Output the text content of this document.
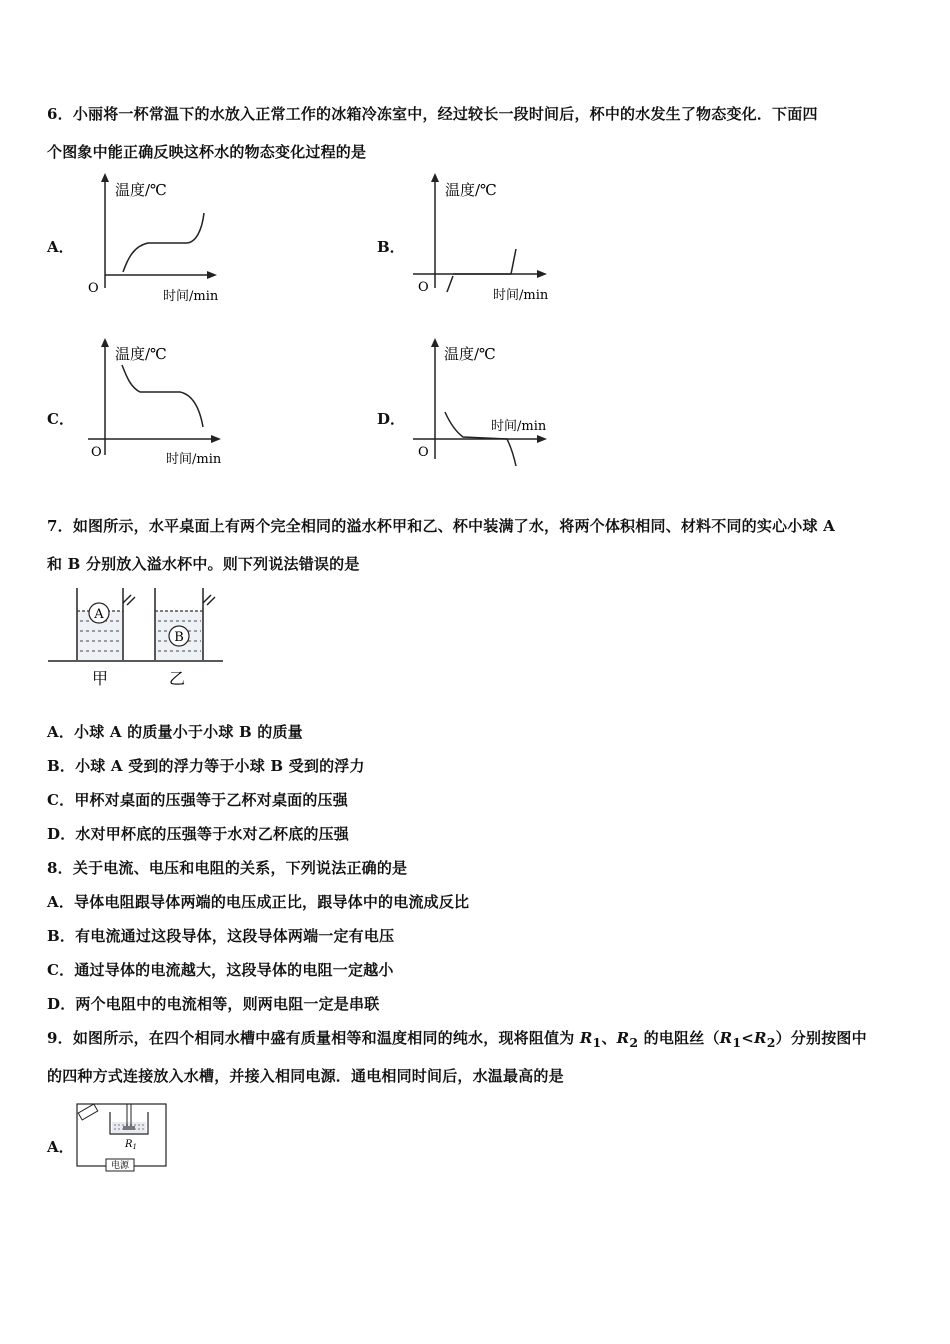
6．小丽将一杯常温下的水放入正常工作的冰箱冷冻室中，经过较长一段时间后，杯中的水发生了物态变化．下面四
个图象中能正确反映这杯水的物态变化过程的是
A．
温度/℃
O
时间/min
B．
温度/℃
O
时间/min
C．
温度/℃
O	时间/min
D．
温度/℃
O
时间/min
7．如图所示，水平桌面上有两个完全相同的溢水杯甲和乙、杯中装满了水，将两个体积相同、材料不同的实心小球 A
和 B 分别放入溢水杯中。则下列说法错误的是
A
B
甲	乙
A．小球 A 的质量小于小球 B 的质量
B．小球 A 受到的浮力等于小球 B 受到的浮力
C．甲杯对桌面的压强等于乙杯对桌面的压强
D．水对甲杯底的压强等于水对乙杯底的压强
8．关于电流、电压和电阻的关系，下列说法正确的是
A．导体电阻跟导体两端的电压成正比，跟导体中的电流成反比
B．有电流通过这段导体，这段导体两端一定有电压
C．通过导体的电流越大，这段导体的电阻一定越小
D．两个电阻中的电流相等，则两电阻一定是串联
9．如图所示，在四个相同水槽中盛有质量相等和温度相同的纯水，现将阻值为 $R_1$、$R_2$ 的电阻丝$(R_1<R_2)$分别按图中
的四种方式连接放入水槽，并接入相同电源．通电相同时间后，水温最高的是
A．	$R_1$
电源
